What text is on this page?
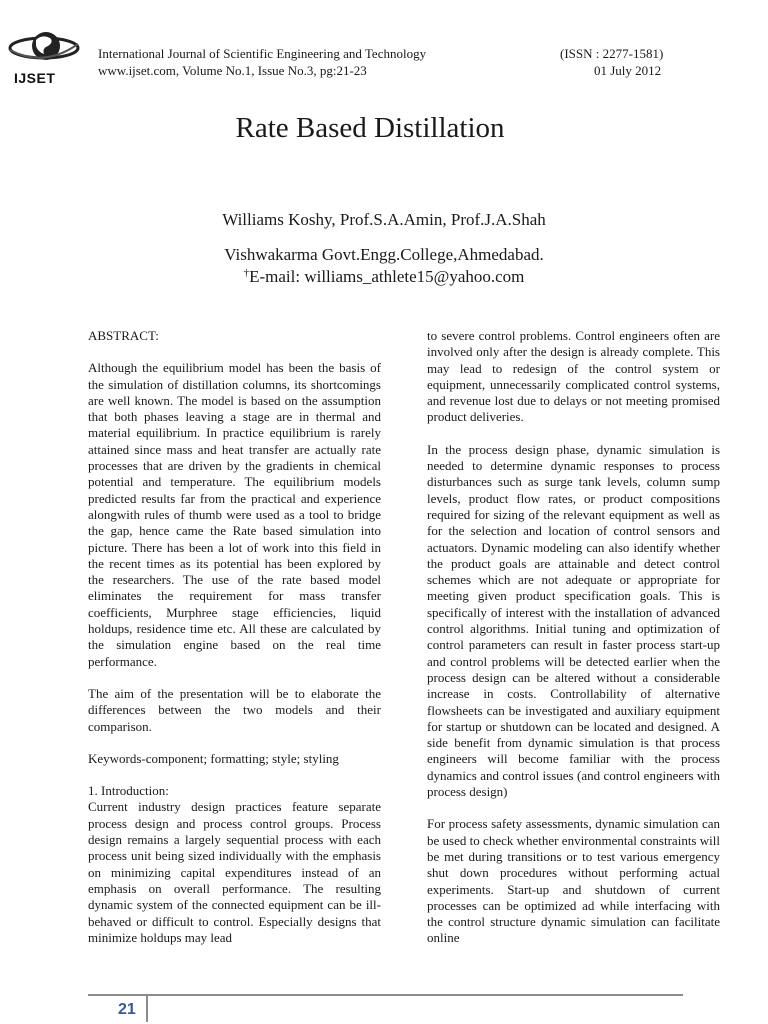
IJSET
International Journal of Scientific Engineering and Technology
www.ijset.com, Volume No.1, Issue No.3, pg:21-23
(ISSN : 2277-1581)
01 July 2012
Rate Based Distillation
Williams Koshy, Prof.S.A.Amin, Prof.J.A.Shah
Vishwakarma Govt.Engg.College,Ahmedabad.
†E-mail: williams_athlete15@yahoo.com

ABSTRACT:

Although the equilibrium model has been the basis of the simulation of distillation columns, its shortcomings are well known. The model is based on the assumption that both phases leaving a stage are in thermal and material equilibrium. In practice equilibrium is rarely attained since mass and heat transfer are actually rate processes that are driven by the gradients in chemical potential and temperature. The equilibrium models predicted results far from the practical and experience alongwith rules of thumb were used as a tool to bridge the gap, hence came the Rate based simulation into picture. There has been a lot of work into this field in the recent times as its potential has been explored by the researchers. The use of the rate based model eliminates the requirement for mass transfer coefficients, Murphree stage efficiencies, liquid holdups, residence time etc. All these are calculated by the simulation engine based on the real time performance.

The aim of the presentation will be to elaborate the differences between the two models and their comparison.

Keywords-component; formatting; style; styling

1. Introduction:

Current industry design practices feature separate process design and process control groups. Process design remains a largely sequential process with each process unit being sized individually with the emphasis on minimizing capital expenditures instead of an emphasis on overall performance. The resulting dynamic system of the connected equipment can be ill-behaved or difficult to control. Especially designs that minimize holdups may lead

to severe control problems. Control engineers often are involved only after the design is already complete. This may lead to redesign of the control system or equipment, unnecessarily complicated control systems, and revenue lost due to delays or not meeting promised product deliveries.

In the process design phase, dynamic simulation is needed to determine dynamic responses to process disturbances such as surge tank levels, column sump levels, product flow rates, or product compositions required for sizing of the relevant equipment as well as for the selection and location of control sensors and actuators. Dynamic modeling can also identify whether the product goals are attainable and detect control schemes which are not adequate or appropriate for meeting given product specification goals. This is specifically of interest with the installation of advanced control algorithms. Initial tuning and optimization of control parameters can result in faster process start-up and control problems will be detected earlier when the process design can be altered without a considerable increase in costs. Controllability of alternative flowsheets can be investigated and auxiliary equipment for startup or shutdown can be located and designed. A side benefit from dynamic simulation is that process engineers will become familiar with the process dynamics and control issues (and control engineers with process design)

For process safety assessments, dynamic simulation can be used to check whether environmental constraints will be met during transitions or to test various emergency shut down procedures without performing actual experiments. Start-up and shutdown of current processes can be optimized ad while interfacing with the control structure dynamic simulation can facilitate online

21
